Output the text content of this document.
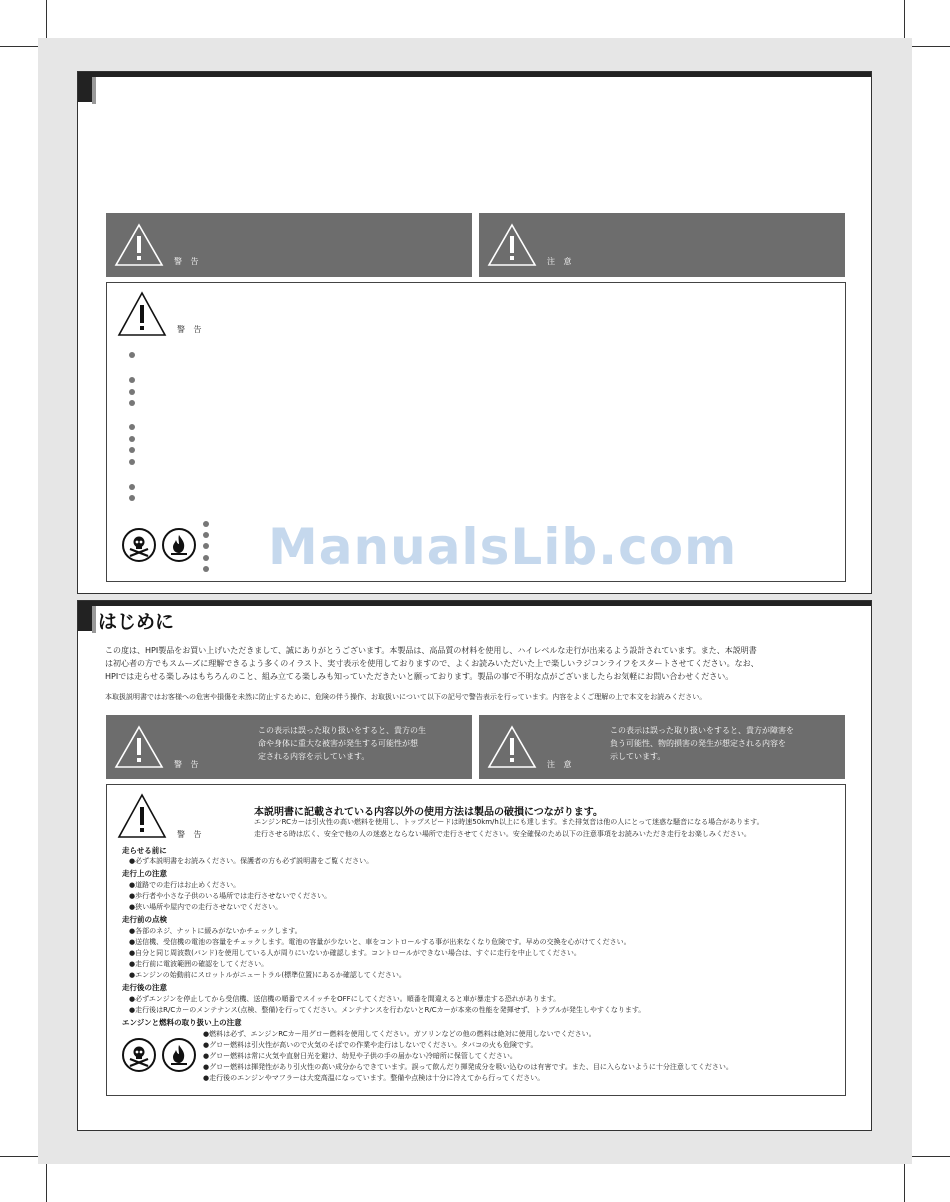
警 告	注 意
警 告
ManualsLib.com
はじめに
この度は、HPI製品をお買い上げいただきまして、誠にありがとうございます。本製品は、高品質の材料を使用し、ハイレベルな走行が出来るよう設計されています。また、本説明書
は初心者の方でもスムーズに理解できるよう多くのイラスト、実寸表示を使用しておりますので、よくお読みいただいた上で楽しいラジコンライフをスタートさせてください。なお、
HPIでは走らせる楽しみはもちろんのこと、組み立てる楽しみも知っていただきたいと願っております。製品の事で不明な点がございましたらお気軽にお問い合わせください。
本取扱説明書ではお客様への危害や損傷を未然に防止するために、危険の伴う操作、お取扱いについて以下の記号で警告表示を行っています。内容をよくご理解の上で本文をお読みください。
警 告
この表示は誤った取り扱いをすると、貴方の生
命や身体に重大な被害が発生する可能性が想
定される内容を示しています。
注 意
この表示は誤った取り扱いをすると、貴方が障害を
負う可能性、物的損害の発生が想定される内容を
示しています。
警 告
本説明書に記載されている内容以外の使用方法は製品の破損につながります。
エンジンRCカーは引火性の高い燃料を使用し、トップスピードは時速50km/h以上にも達します。また排気音は他の人にとって迷惑な騒音になる場合があります。
走行させる時は広く、安全で他の人の迷惑とならない場所で走行させてください。安全確保のため以下の注意事項をお読みいただき走行をお楽しみください。
走らせる前に
●必ず本説明書をお読みください。保護者の方も必ず説明書をご覧ください。
走行上の注意
●道路での走行はお止めください。
●歩行者や小さな子供のいる場所では走行させないでください。
●狭い場所や屋内での走行させないでください。
走行前の点検
●各部のネジ、ナットに緩みがないかチェックします。
●送信機、受信機の電池の容量をチェックします。電池の容量が少ないと、車をコントロールする事が出来なくなり危険です。早めの交換を心がけてください。
●自分と同じ周波数(バンド)を使用している人が周りにいないか確認します。コントロールができない場合は、すぐに走行を中止してください。
●走行前に電波範囲の確認をしてください。
●エンジンの始動前にスロットルがニュートラル(標準位置)にあるか確認してください。
走行後の注意
●必ずエンジンを停止してから受信機、送信機の順番でスイッチをOFFにしてください。順番を間違えると車が暴走する恐れがあります。
●走行後はR/Cカーのメンテナンス(点検、整備)を行ってください。メンテナンスを行わないとR/Cカーが本来の性能を発揮せず、トラブルが発生しやすくなります。
エンジンと燃料の取り扱い上の注意
●燃料は必ず、エンジンRCカー用グロー燃料を使用してください。ガソリンなどの他の燃料は絶対に使用しないでください。
●グロー燃料は引火性が高いので火気のそばでの作業や走行はしないでください。タバコの火も危険です。
●グロー燃料は常に火気や直射日光を避け、幼児や子供の手の届かない冷暗所に保管してください。
●グロー燃料は揮発性があり引火性の高い成分からできています。誤って飲んだり揮発成分を吸い込むのは有害です。また、目に入らないように十分注意してください。
●走行後のエンジンやマフラーは大変高温になっています。整備や点検は十分に冷えてから行ってください。
